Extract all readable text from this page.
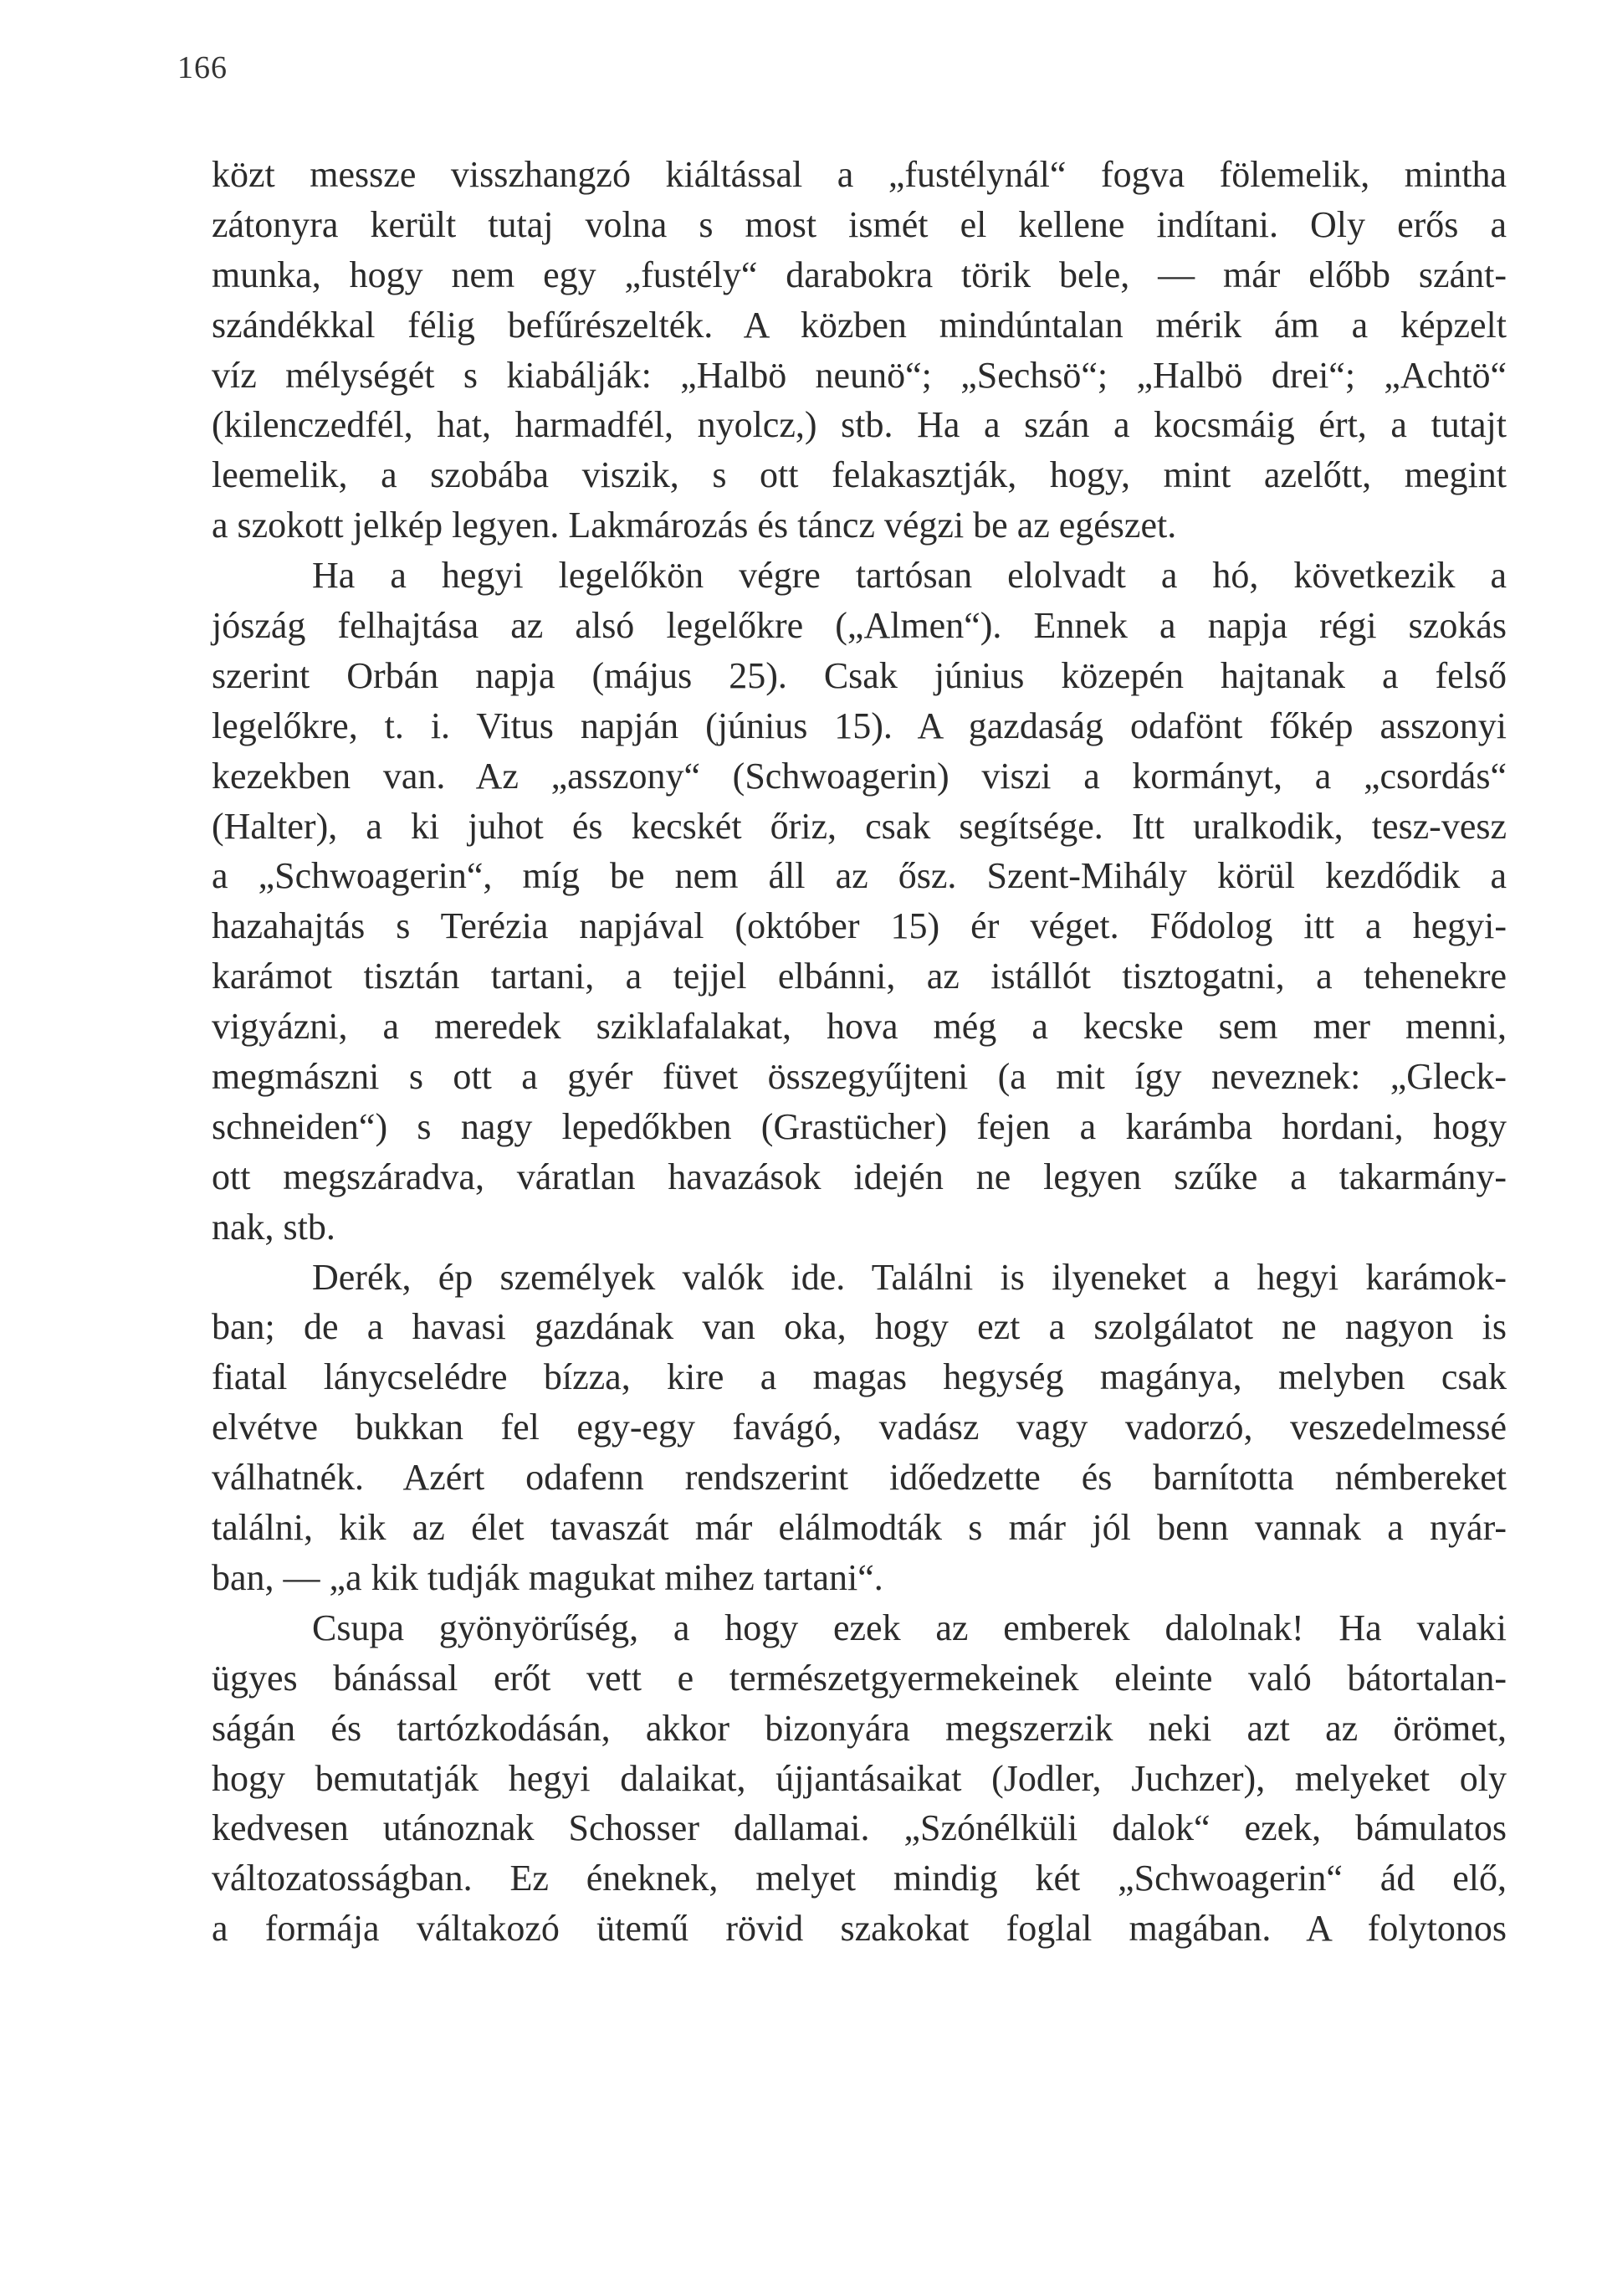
166
közt messze visszhangzó kiáltással a „fustélynál“ fogva fölemelik, mintha
zátonyra került tutaj volna s most ismét el kellene indítani. Oly erős a
munka, hogy nem egy „fustély“ darabokra törik bele, — már előbb szánt-
szándékkal félig befűrészelték. A közben mindúntalan mérik ám a képzelt
víz mélységét s kiabálják: „Halbö neunö“; „Sechsö“; „Halbö drei“; „Achtö“
(kilenczedfél, hat, harmadfél, nyolcz,) stb. Ha a szán a kocsmáig ért, a tutajt
leemelik, a szobába viszik, s ott felakasztják, hogy, mint azelőtt, megint
a szokott jelkép legyen. Lakmározás és táncz végzi be az egészet.
Ha a hegyi legelőkön végre tartósan elolvadt a hó, következik a
jószág felhajtása az alsó legelőkre („Almen“). Ennek a napja régi szokás
szerint Orbán napja (május 25). Csak június közepén hajtanak a felső
legelőkre, t. i. Vitus napján (június 15). A gazdaság odafönt főkép asszonyi
kezekben van. Az „asszony“ (Schwoagerin) viszi a kormányt, a „csordás“
(Halter), a ki juhot és kecskét őriz, csak segítsége. Itt uralkodik, tesz-vesz
a „Schwoagerin“, míg be nem áll az ősz. Szent-Mihály körül kezdődik a
hazahajtás s Terézia napjával (október 15) ér véget. Fődolog itt a hegyi-
karámot tisztán tartani, a tejjel elbánni, az istállót tisztogatni, a tehenekre
vigyázni, a meredek sziklafalakat, hova még a kecske sem mer menni,
megmászni s ott a gyér füvet összegyűjteni (a mit így neveznek: „Gleck-
schneiden“) s nagy lepedőkben (Grastücher) fejen a karámba hordani, hogy
ott megszáradva, váratlan havazások idején ne legyen szűke a takarmány-
nak, stb.
Derék, ép személyek valók ide. Találni is ilyeneket a hegyi karámok-
ban; de a havasi gazdának van oka, hogy ezt a szolgálatot ne nagyon is
fiatal lánycselédre bízza, kire a magas hegység magánya, melyben csak
elvétve bukkan fel egy-egy favágó, vadász vagy vadorzó, veszedelmessé
válhatnék. Azért odafenn rendszerint időedzette és barnította némbereket
találni, kik az élet tavaszát már elálmodták s már jól benn vannak a nyár-
ban, — „a kik tudják magukat mihez tartani“.
Csupa gyönyörűség, a hogy ezek az emberek dalolnak! Ha valaki
ügyes bánással erőt vett e természetgyermekeinek eleinte való bátortalan-
ságán és tartózkodásán, akkor bizonyára megszerzik neki azt az örömet,
hogy bemutatják hegyi dalaikat, újjantásaikat (Jodler, Juchzer), melyeket oly
kedvesen utánoznak Schosser dallamai. „Szónélküli dalok“ ezek, bámulatos
változatosságban. Ez éneknek, melyet mindig két „Schwoagerin“ ád elő,
a formája váltakozó ütemű rövid szakokat foglal magában. A folytonos
